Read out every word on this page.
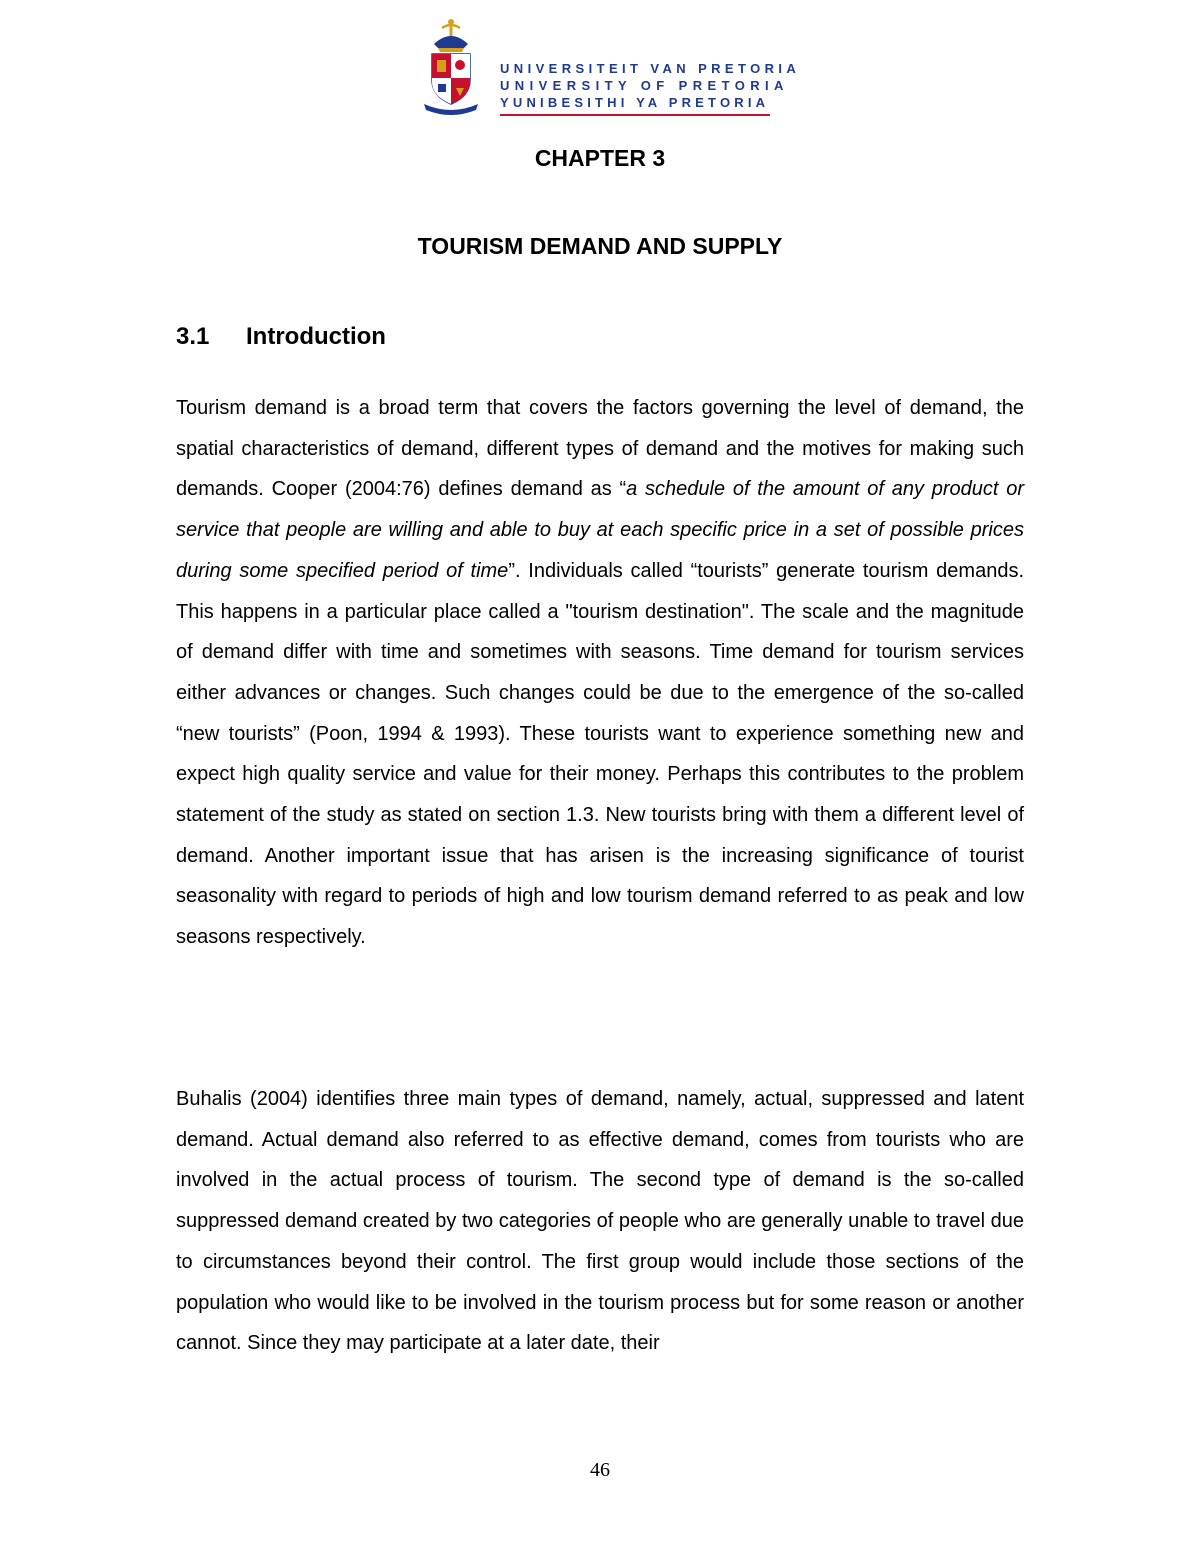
UNIVERSITEIT VAN PRETORIA
UNIVERSITY OF PRETORIA
YUNIBESITHI YA PRETORIA
CHAPTER 3
TOURISM DEMAND AND SUPPLY
3.1 Introduction

Tourism demand is a broad term that covers the factors governing the level of demand, the spatial characteristics of demand, different types of demand and the motives for making such demands. Cooper (2004:76) defines demand as “a schedule of the amount of any product or service that people are willing and able to buy at each specific price in a set of possible prices during some specified period of time”. Individuals called “tourists” generate tourism demands. This happens in a particular place called a "tourism destination". The scale and the magnitude of demand differ with time and sometimes with seasons. Time demand for tourism services either advances or changes. Such changes could be due to the emergence of the so-called “new tourists” (Poon, 1994 & 1993). These tourists want to experience something new and expect high quality service and value for their money. Perhaps this contributes to the problem statement of the study as stated on section 1.3. New tourists bring with them a different level of demand. Another important issue that has arisen is the increasing significance of tourist seasonality with regard to periods of high and low tourism demand referred to as peak and low seasons respectively.

Buhalis (2004) identifies three main types of demand, namely, actual, suppressed and latent demand. Actual demand also referred to as effective demand, comes from tourists who are involved in the actual process of tourism. The second type of demand is the so-called suppressed demand created by two categories of people who are generally unable to travel due to circumstances beyond their control. The first group would include those sections of the population who would like to be involved in the tourism process but for some reason or another cannot. Since they may participate at a later date, their

46
